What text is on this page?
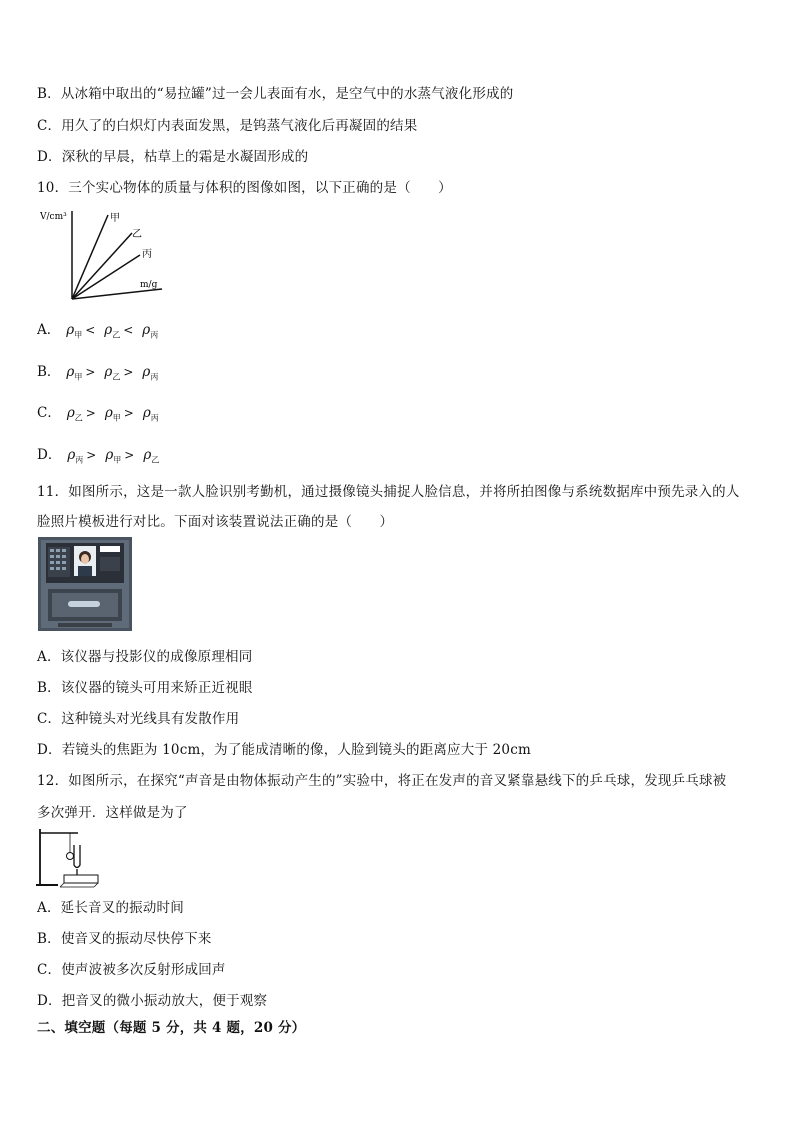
B．从冰箱中取出的“易拉罐”过一会儿表面有水，是空气中的水蒸气液化形成的
C．用久了的白炽灯内表面发黑，是钨蒸气液化后再凝固的结果
D．深秋的早晨，枯草上的霜是水凝固形成的
10．三个实心物体的质量与体积的图像如图，以下正确的是（　　）
V/cm³
m/g
甲
乙
丙
A． $\rho_甲 < \rho_乙 < \rho_丙$
B． $\rho_甲 > \rho_乙 > \rho_丙$
C． $\rho_乙 > \rho_甲 > \rho_丙$
D． $\rho_丙 > \rho_甲 > \rho_乙$
11．如图所示，这是一款人脸识别考勤机，通过摄像镜头捕捉人脸信息，并将所拍图像与系统数据库中预先录入的人
脸照片模板进行对比。下面对该装置说法正确的是（　　）
A．该仪器与投影仪的成像原理相同
B．该仪器的镜头可用来矫正近视眼
C．这种镜头对光线具有发散作用
D．若镜头的焦距为 10cm，为了能成清晰的像，人脸到镜头的距离应大于 20cm
12．如图所示，在探究“声音是由物体振动产生的”实验中，将正在发声的音叉紧靠悬线下的乒乓球，发现乒乓球被
多次弹开．这样做是为了
A．延长音叉的振动时间
B．使音叉的振动尽快停下来
C．使声波被多次反射形成回声
D．把音叉的微小振动放大，便于观察
二、填空题（每题 5 分，共 4 题，20 分）
